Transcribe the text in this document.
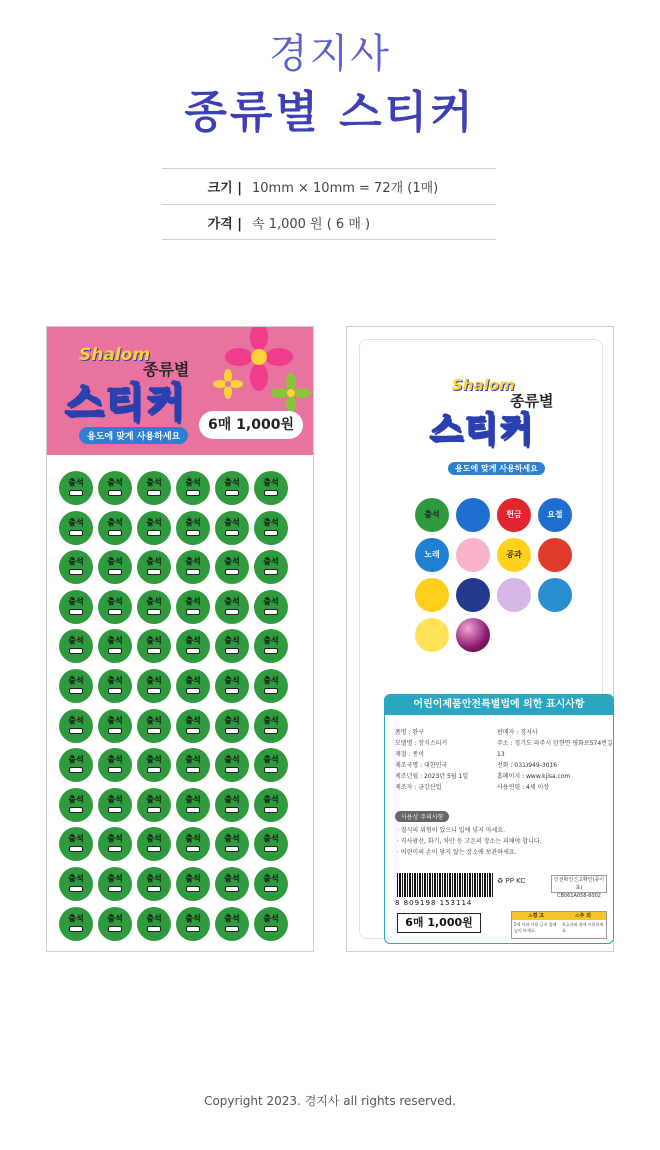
경지사
종류별 스티커
크기 | 10mm × 10mm = 72개 (1매)
가격 | 속 1,000 원 ( 6 매 )
Shalom
종류별
스티커
용도에 맞게 사용하세요
6매 1,000원
출석	출석	출석	출석	출석	출석
출석	출석	출석	출석	출석	출석
출석	출석	출석	출석	출석	출석
출석	출석	출석	출석	출석	출석
출석	출석	출석	출석	출석	출석
출석	출석	출석	출석	출석	출석
출석	출석	출석	출석	출석	출석
출석	출석	출석	출석	출석	출석
출석	출석	출석	출석	출석	출석
출석	출석	출석	출석	출석	출석
출석	출석	출석	출석	출석	출석
출석	출석	출석	출석	출석	출석
Shalom
종류별
스티커
용도에 맞게 사용하세요
출석	헌금	요절
노래	공과
어린이제품안전특별법에 의한 표시사항
품명 : 완구
모델명 : 장식스티커
재질 : 종이
제조국명 : 대한민국
제조년월 : 2023년 5월 1일
제조자 : 금강산업
판매자 : 경지사
주소 : 경기도 파주시 탄현면 평화로574번길 13
전화 : 031)949-3016
홈페이지 : www.kjisa.com
사용연령 : 4세 이상
사용상 주의사항
· 질식의 위험이 있으니 입에 넣지 마세요.
· 직사광선, 화기, 차안 등 고온의 장소는 피해야 합니다.
· 어린이의 손이 닿지 않는 장소에 보관하세요.
8 809198 153114
6매 1,000원
♻ PP KC	인전확인신고확인(종이표)
CB061A058-6002
⚠경 고	⚠주 의
5세 이하 사용 금지 입에 넣지 마세요.
보호자와 함께 사용하세요.
Copyright 2023. 경지사 all rights reserved.
